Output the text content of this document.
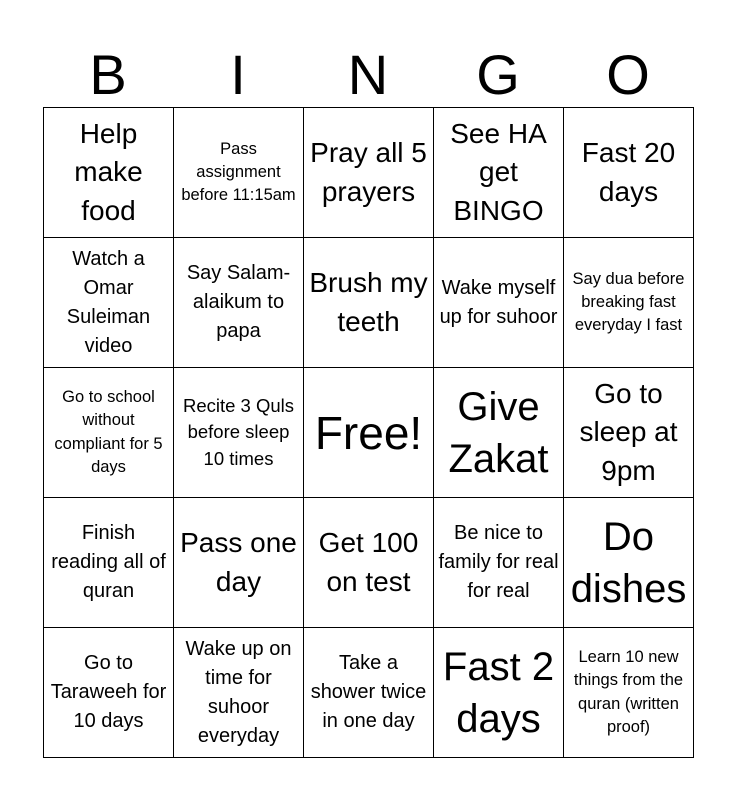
B	I	N	G	O
Help make food	Pass assignment before 11:15am	Pray all 5 prayers	See HA get BINGO	Fast 20 days
Watch a Omar Suleiman video	Say Salam-alaikum to papa	Brush my teeth	Wake myself up for suhoor	Say dua before breaking fast everyday I fast
Go to school without compliant for 5 days	Recite 3 Quls before sleep 10 times	Free!	Give Zakat	Go to sleep at 9pm
Finish reading all of quran	Pass one day	Get 100 on test	Be nice to family for real for real	Do dishes
Go to Taraweeh for 10 days	Wake up on time for suhoor everyday	Take a shower twice in one day	Fast 2 days	Learn 10 new things from the quran (written proof)
